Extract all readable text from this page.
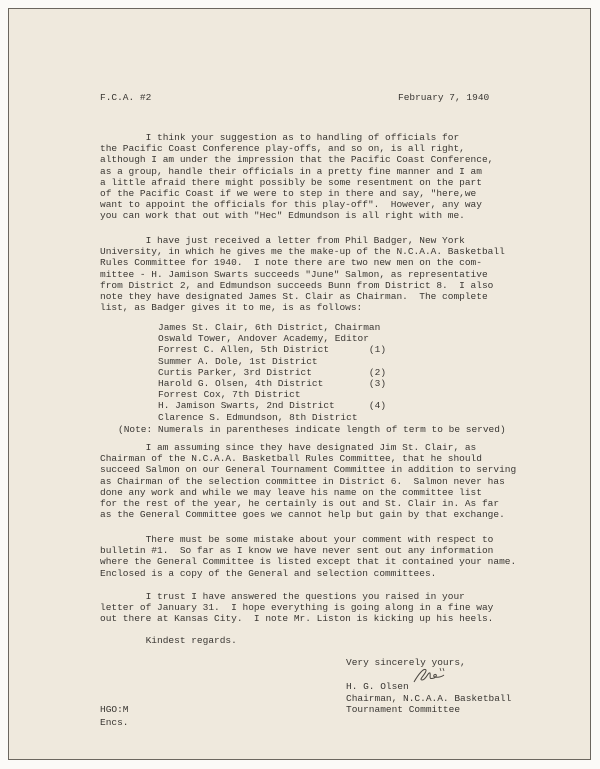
F.C.A. #2	February 7, 1940
I think your suggestion as to handling of officials for
the Pacific Coast Conference play-offs, and so on, is all right,
although I am under the impression that the Pacific Coast Conference,
as a group, handle their officials in a pretty fine manner and I am
a little afraid there might possibly be some resentment on the part
of the Pacific Coast if we were to step in there and say, "here,we
want to appoint the officials for this play-off".  However, any way
you can work that out with "Hec" Edmundson is all right with me.
I have just received a letter from Phil Badger, New York
University, in which he gives me the make-up of the N.C.A.A. Basketball
Rules Committee for 1940.  I note there are two new men on the com-
mittee - H. Jamison Swarts succeeds "June" Salmon, as representative
from District 2, and Edmundson succeeds Bunn from District 8.  I also
note they have designated James St. Clair as Chairman.  The complete
list, as Badger gives it to me, is as follows:
James St. Clair, 6th District, Chairman
Oswald Tower, Andover Academy, Editor
Forrest C. Allen, 5th District       (1)
Summer A. Dole, 1st District
Curtis Parker, 3rd District          (2)
Harold G. Olsen, 4th District        (3)
Forrest Cox, 7th District
H. Jamison Swarts, 2nd District      (4)
Clarence S. Edmundson, 8th District
(Note: Numerals in parentheses indicate length of term to be served)
I am assuming since they have designated Jim St. Clair, as
Chairman of the N.C.A.A. Basketball Rules Committee, that he should
succeed Salmon on our General Tournament Committee in addition to serving
as Chairman of the selection committee in District 6.  Salmon never has
done any work and while we may leave his name on the committee list
for the rest of the year, he certainly is out and St. Clair in. As far
as the General Committee goes we cannot help but gain by that exchange.
There must be some mistake about your comment with respect to
bulletin #1.  So far as I know we have never sent out any information
where the General Committee is listed except that it contained your name.
Enclosed is a copy of the General and selection committees.
I trust I have answered the questions you raised in your
letter of January 31.  I hope everything is going along in a fine way
out there at Kansas City.  I note Mr. Liston is kicking up his heels.
Kindest regards.
Very sincerely yours,
H. G. Olsen
Chairman, N.C.A.A. Basketball
Tournament Committee
HGO:M
Encs.
